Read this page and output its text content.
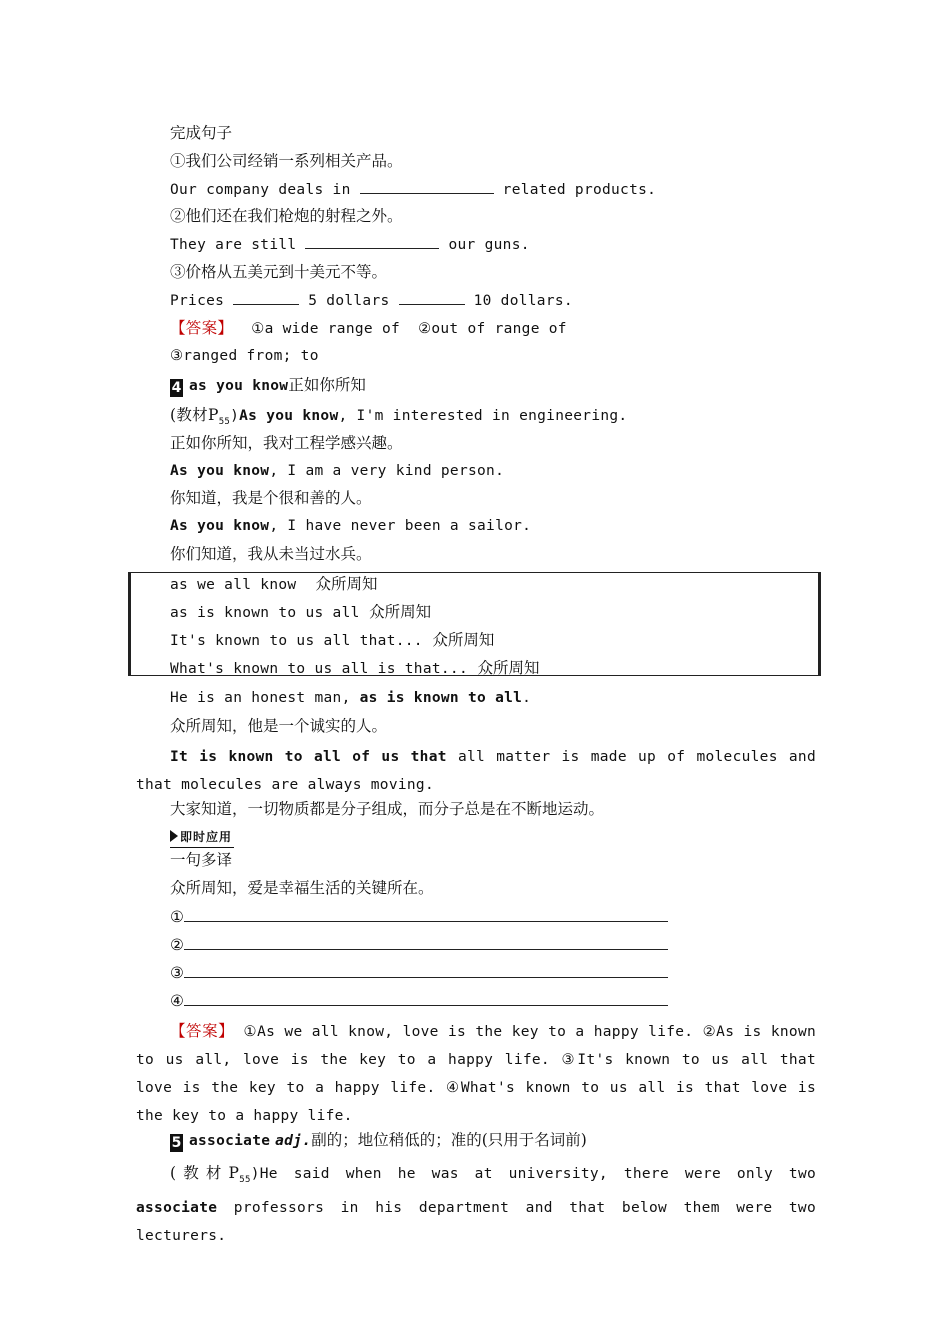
完成句子
①我们公司经销一系列相关产品。
Our company deals in	related products.
②他们还在我们枪炮的射程之外。
They are still	our guns.
③价格从五美元到十美元不等。
Prices	5 dollars	10 dollars.
【答案】 ①a wide range of  ②out of range of
③ranged from; to
4 as you know正如你所知
(教材$P_{55})As$ you know, I'm interested in engineering.
正如你所知，我对工程学感兴趣。
As you know, I am a very kind person.
你知道，我是个很和善的人。
As you know, I have never been a sailor.
你们知道，我从未当过水兵。
as we all know 众所周知
as is known to us all 众所周知
It's known to us all that... 众所周知
What's known to us all is that... 众所周知
He is an honest man, as is known to all.
众所周知，他是一个诚实的人。
It is known to all of us that all matter is made up of molecules and that molecules are always moving.
大家知道，一切物质都是分子组成，而分子总是在不断地运动。
即时应用
一句多译
众所周知，爱是幸福生活的关键所在。
①
②
③
④
【答案】 ①As we all know, love is the key to a happy life. ②As is known to us all, love is the key to a happy life. ③It's known to us all that love is the key to a happy life. ④What's known to us all is that love is the key to a happy life.
5 associate adj.副的；地位稍低的；准的(只用于名词前)
(教材$P_{55})He$ said when he was at university, there were only two associate professors in his department and that below them were two lecturers.
